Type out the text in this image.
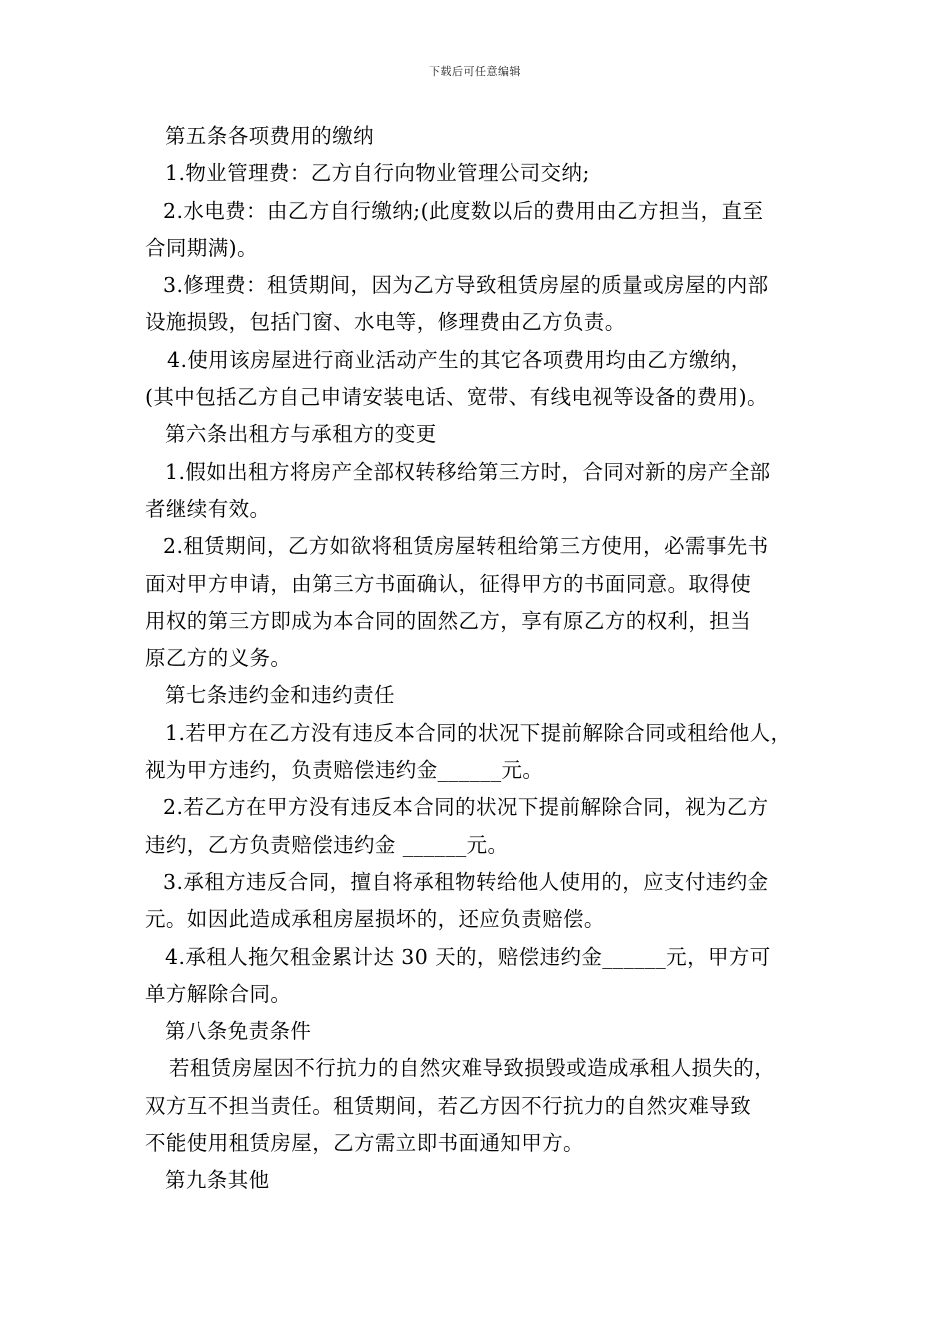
下载后可任意编辑
第五条各项费用的缴纳
1.物业管理费：乙方自行向物业管理公司交纳;
2.水电费：由乙方自行缴纳;(此度数以后的费用由乙方担当，直至
合同期满)。
3.修理费：租赁期间，因为乙方导致租赁房屋的质量或房屋的内部
设施损毁，包括门窗、水电等，修理费由乙方负责。
4.使用该房屋进行商业活动产生的其它各项费用均由乙方缴纳，
(其中包括乙方自己申请安装电话、宽带、有线电视等设备的费用)。
第六条出租方与承租方的变更
1.假如出租方将房产全部权转移给第三方时，合同对新的房产全部
者继续有效。
2.租赁期间，乙方如欲将租赁房屋转租给第三方使用，必需事先书
面对甲方申请，由第三方书面确认，征得甲方的书面同意。取得使
用权的第三方即成为本合同的固然乙方，享有原乙方的权利，担当
原乙方的义务。
第七条违约金和违约责任
1.若甲方在乙方没有违反本合同的状况下提前解除合同或租给他人，
视为甲方违约，负责赔偿违约金______元。
2.若乙方在甲方没有违反本合同的状况下提前解除合同，视为乙方
违约，乙方负责赔偿违约金 ______元。
3.承租方违反合同，擅自将承租物转给他人使用的，应支付违约金
元。如因此造成承租房屋损坏的，还应负责赔偿。
4.承租人拖欠租金累计达 30 天的，赔偿违约金______元，甲方可
单方解除合同。
第八条免责条件
若租赁房屋因不行抗力的自然灾难导致损毁或造成承租人损失的，
双方互不担当责任。租赁期间，若乙方因不行抗力的自然灾难导致
不能使用租赁房屋，乙方需立即书面通知甲方。
第九条其他
